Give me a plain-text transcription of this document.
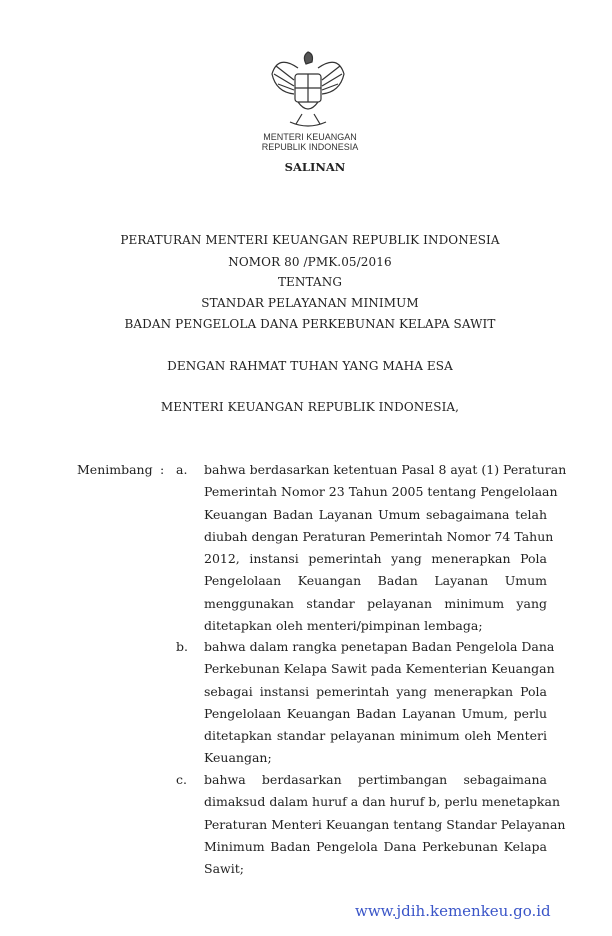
MENTERI KEUANGAN
REPUBLIK INDONESIA
SALINAN
PERATURAN MENTERI KEUANGAN REPUBLIK INDONESIA
NOMOR 80 /PMK.05/2016
TENTANG
STANDAR PELAYANAN MINIMUM
BADAN PENGELOLA DANA PERKEBUNAN KELAPA SAWIT
DENGAN RAHMAT TUHAN YANG MAHA ESA
MENTERI KEUANGAN REPUBLIK INDONESIA,
Menimbang : a. bahwa berdasarkan ketentuan Pasal 8 ayat (1) Peraturan
Pemerintah Nomor 23 Tahun 2005 tentang Pengelolaan
Keuangan Badan Layanan Umum sebagaimana telah
diubah dengan Peraturan Pemerintah Nomor 74 Tahun
2012, instansi pemerintah yang menerapkan Pola
Pengelolaan Keuangan Badan Layanan Umum
menggunakan standar pelayanan minimum yang
ditetapkan oleh menteri/pimpinan lembaga;
b. bahwa dalam rangka penetapan Badan Pengelola Dana
Perkebunan Kelapa Sawit pada Kementerian Keuangan
sebagai instansi pemerintah yang menerapkan Pola
Pengelolaan Keuangan Badan Layanan Umum, perlu
ditetapkan standar pelayanan minimum oleh Menteri
Keuangan;
c. bahwa berdasarkan pertimbangan sebagaimana
dimaksud dalam huruf a dan huruf b, perlu menetapkan
Peraturan Menteri Keuangan tentang Standar Pelayanan
Minimum Badan Pengelola Dana Perkebunan Kelapa
Sawit;
www.jdih.kemenkeu.go.id
